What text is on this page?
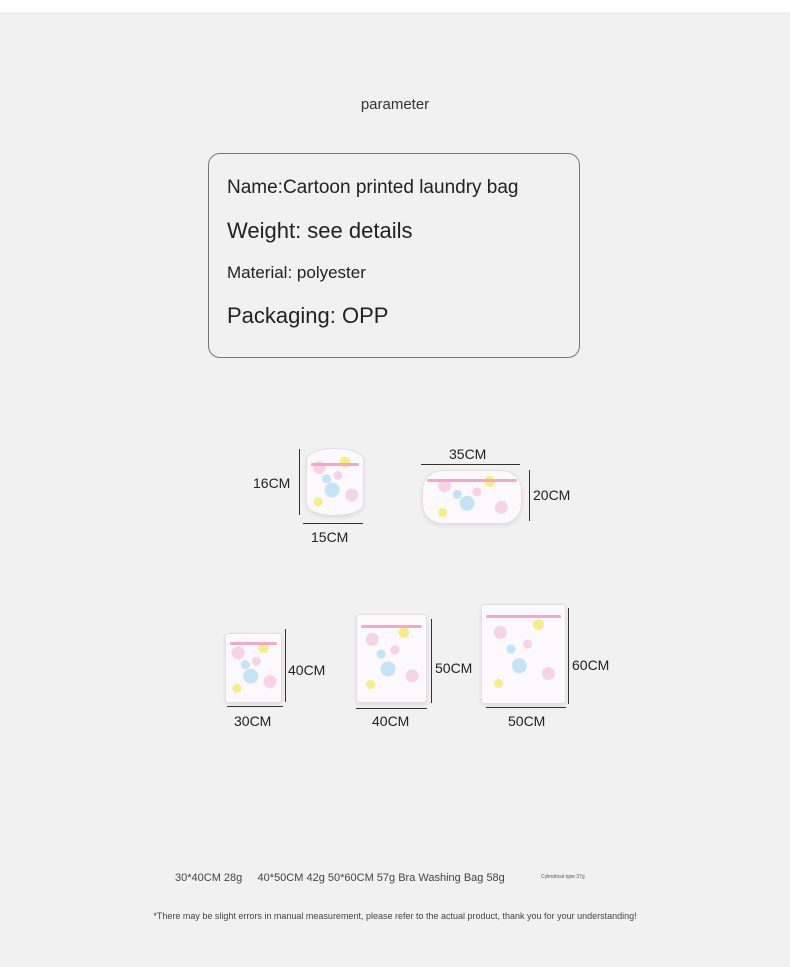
parameter
Name:Cartoon printed laundry bag
Weight: see details
Material: polyester
Packaging: OPP
16CM
15CM
35CM
20CM
40CM
30CM
50CM
40CM
60CM
50CM
30*40CM 28g     40*50CM 42g 50*60CM 57g Bra Washing Bag 58g	Cylindrical type 37g
*There may be slight errors in manual measurement, please refer to the actual product, thank you for your understanding!
